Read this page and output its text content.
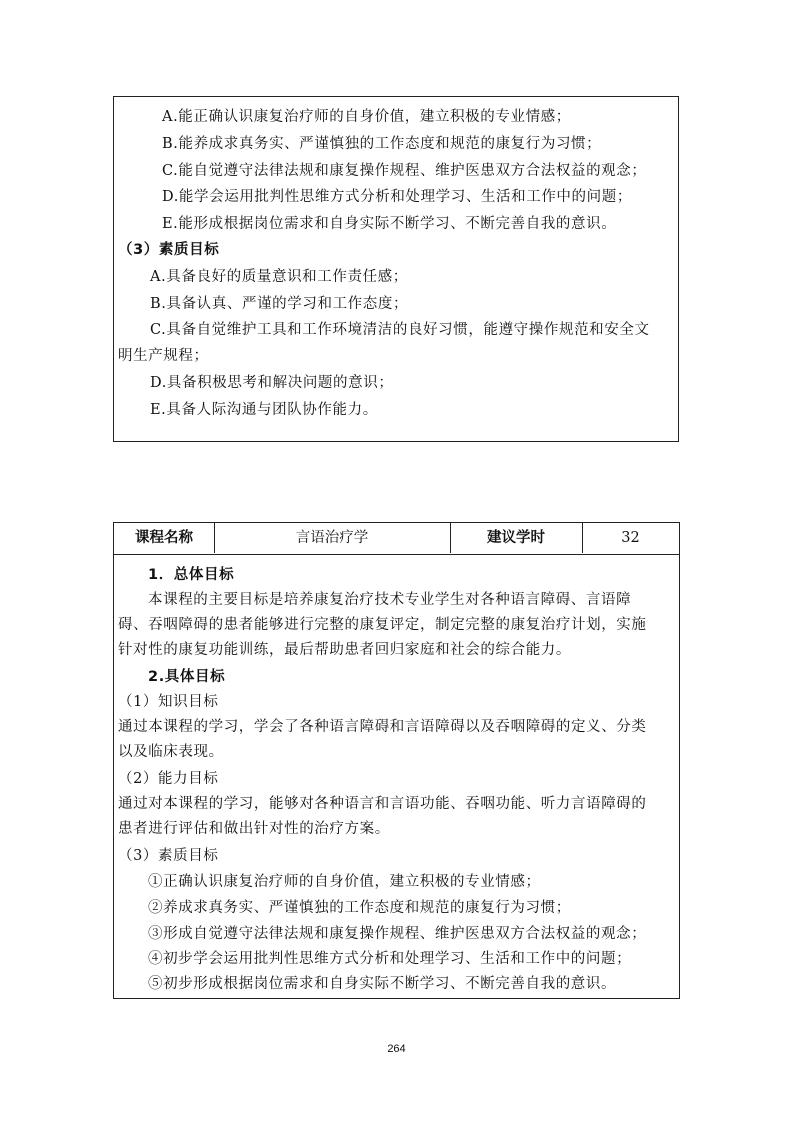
A.能正确认识康复治疗师的自身价值，建立积极的专业情感；
B.能养成求真务实、严谨慎独的工作态度和规范的康复行为习惯；
C.能自觉遵守法律法规和康复操作规程、维护医患双方合法权益的观念；
D.能学会运用批判性思维方式分析和处理学习、生活和工作中的问题；
E.能形成根据岗位需求和自身实际不断学习、不断完善自我的意识。
（3）素质目标
A.具备良好的质量意识和工作责任感；
B.具备认真、严谨的学习和工作态度；
C.具备自觉维护工具和工作环境清洁的良好习惯，能遵守操作规范和安全文
明生产规程；
D.具备积极思考和解决问题的意识；
E.具备人际沟通与团队协作能力。
课程名称	言语治疗学	建议学时	32
1．总体目标
本课程的主要目标是培养康复治疗技术专业学生对各种语言障碍、言语障
碍、吞咽障碍的患者能够进行完整的康复评定，制定完整的康复治疗计划，实施
针对性的康复功能训练，最后帮助患者回归家庭和社会的综合能力。
2.具体目标
（1）知识目标
通过本课程的学习，学会了各种语言障碍和言语障碍以及吞咽障碍的定义、分类
以及临床表现。
（2）能力目标
通过对本课程的学习，能够对各种语言和言语功能、吞咽功能、听力言语障碍的
患者进行评估和做出针对性的治疗方案。
（3）素质目标
①正确认识康复治疗师的自身价值，建立积极的专业情感；
②养成求真务实、严谨慎独的工作态度和规范的康复行为习惯；
③形成自觉遵守法律法规和康复操作规程、维护医患双方合法权益的观念；
④初步学会运用批判性思维方式分析和处理学习、生活和工作中的问题；
⑤初步形成根据岗位需求和自身实际不断学习、不断完善自我的意识。
264
